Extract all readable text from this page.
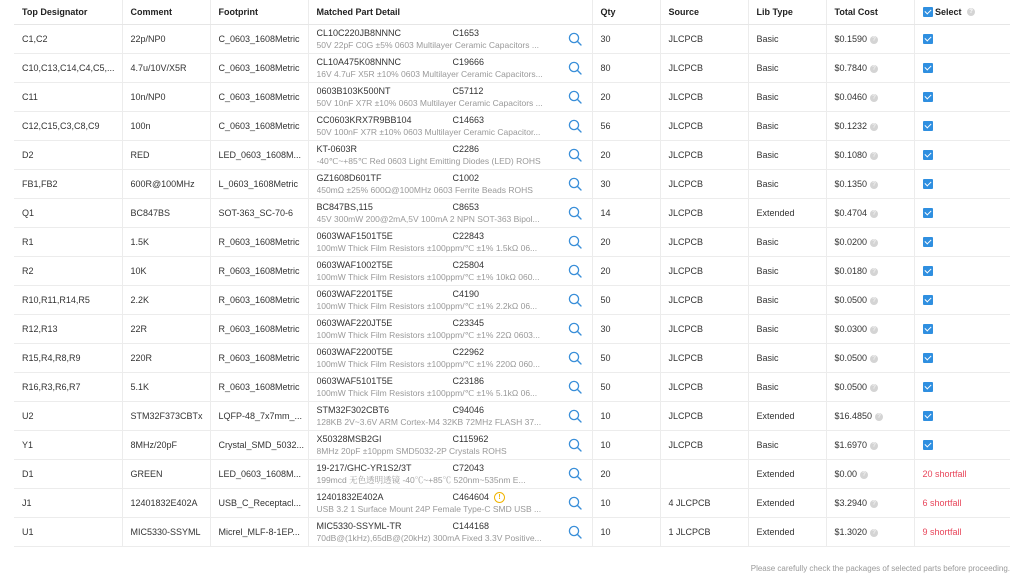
Top Designator	Comment	Footprint	Matched Part Detail	Qty	Source	Lib Type	Total Cost	Select ?
C1,C2	22p/NP0	C_0603_1608Metric	CL10C220JB8NNNC C1653
50V 22pF C0G ±5% 0603 Multilayer Ceramic Capacitors ...	30	JLCPCB	Basic	$0.1590 ?	
C10,C13,C14,C4,C5,...	4.7u/10V/X5R	C_0603_1608Metric	CL10A475K08NNNC C19666
16V 4.7uF X5R ±10% 0603 Multilayer Ceramic Capacitors...	80	JLCPCB	Basic	$0.7840 ?	
C11	10n/NP0	C_0603_1608Metric	0603B103K500NT C57112
50V 10nF X7R ±10% 0603 Multilayer Ceramic Capacitors ...	20	JLCPCB	Basic	$0.0460 ?	
C12,C15,C3,C8,C9	100n	C_0603_1608Metric	CC0603KRX7R9BB104 C14663
50V 100nF X7R ±10% 0603 Multilayer Ceramic Capacitor...	56	JLCPCB	Basic	$0.1232 ?	
D2	RED	LED_0603_1608M...	KT-0603R C2286
-40℃~+85℃ Red 0603 Light Emitting Diodes (LED) ROHS	20	JLCPCB	Basic	$0.1080 ?	
FB1,FB2	600R@100MHz	L_0603_1608Metric	GZ1608D601TF C1002
450mΩ ±25% 600Ω@100MHz 0603 Ferrite Beads ROHS	30	JLCPCB	Basic	$0.1350 ?	
Q1	BC847BS	SOT-363_SC-70-6	BC847BS,115 C8653
45V 300mW 200@2mA,5V 100mA 2 NPN SOT-363 Bipol...	14	JLCPCB	Extended	$0.4704 ?	
R1	1.5K	R_0603_1608Metric	0603WAF1501T5E C22843
100mW Thick Film Resistors ±100ppm/℃ ±1% 1.5kΩ 06...	20	JLCPCB	Basic	$0.0200 ?	
R2	10K	R_0603_1608Metric	0603WAF1002T5E C25804
100mW Thick Film Resistors ±100ppm/℃ ±1% 10kΩ 060...	20	JLCPCB	Basic	$0.0180 ?	
R10,R11,R14,R5	2.2K	R_0603_1608Metric	0603WAF2201T5E C4190
100mW Thick Film Resistors ±100ppm/℃ ±1% 2.2kΩ 06...	50	JLCPCB	Basic	$0.0500 ?	
R12,R13	22R	R_0603_1608Metric	0603WAF220JT5E C23345
100mW Thick Film Resistors ±100ppm/℃ ±1% 22Ω 0603...	30	JLCPCB	Basic	$0.0300 ?	
R15,R4,R8,R9	220R	R_0603_1608Metric	0603WAF2200T5E C22962
100mW Thick Film Resistors ±100ppm/℃ ±1% 220Ω 060...	50	JLCPCB	Basic	$0.0500 ?	
R16,R3,R6,R7	5.1K	R_0603_1608Metric	0603WAF5101T5E C23186
100mW Thick Film Resistors ±100ppm/℃ ±1% 5.1kΩ 06...	50	JLCPCB	Basic	$0.0500 ?	
U2	STM32F373CBTx	LQFP-48_7x7mm_...	STM32F302CBT6 C94046
128KB 2V~3.6V ARM Cortex-M4 32KB 72MHz FLASH 37...	10	JLCPCB	Extended	$16.4850 ?	
Y1	8MHz/20pF	Crystal_SMD_5032...	X50328MSB2GI C115962
8MHz 20pF ±10ppm SMD5032-2P Crystals ROHS	10	JLCPCB	Basic	$1.6970 ?	
D1	GREEN	LED_0603_1608M...	19-217/GHC-YR1S2/3T C72043
199mcd 无色透明透镜 -40℃~+85℃ 520nm~535nm E...	20		Extended	$0.00 ?	20 shortfall
J1	12401832E402A	USB_C_Receptacl...	12401832E402A C464604 !
USB 3.2 1 Surface Mount 24P Female Type-C SMD USB ...	10	4 JLCPCB	Extended	$3.2940 ?	6 shortfall
U1	MIC5330-SSYML	Micrel_MLF-8-1EP...	MIC5330-SSYML-TR C144168
70dB@(1kHz),65dB@(20kHz) 300mA Fixed 3.3V Positive...	10	1 JLCPCB	Extended	$1.3020 ?	9 shortfall
Please carefully check the packages of selected parts before proceeding.
